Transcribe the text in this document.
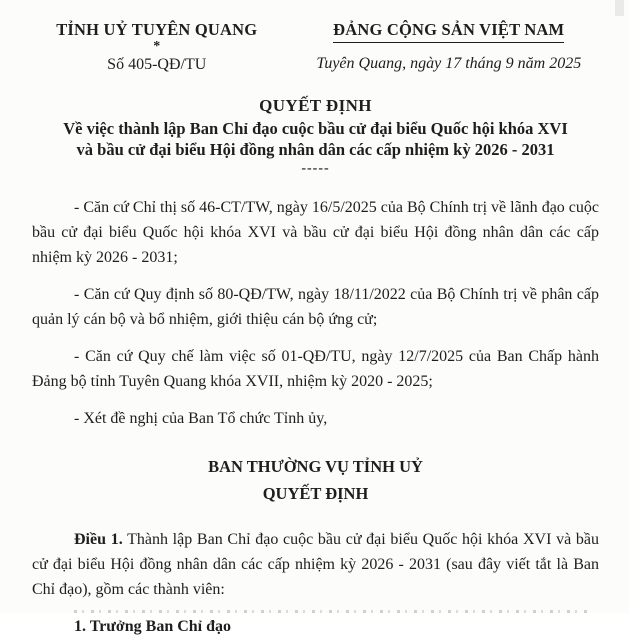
TỈNH UỶ TUYÊN QUANG
*
Số 405-QĐ/TU
ĐẢNG CỘNG SẢN VIỆT NAM
Tuyên Quang, ngày 17 tháng 9 năm 2025
QUYẾT ĐỊNH
Về việc thành lập Ban Chỉ đạo cuộc bầu cử đại biểu Quốc hội khóa XVI
và bầu cử đại biểu Hội đồng nhân dân các cấp nhiệm kỳ 2026 - 2031
-----

- Căn cứ Chỉ thị số 46-CT/TW, ngày 16/5/2025 của Bộ Chính trị về lãnh đạo cuộc bầu cử đại biểu Quốc hội khóa XVI và bầu cử đại biểu Hội đồng nhân dân các cấp nhiệm kỳ 2026 - 2031;

- Căn cứ Quy định số 80-QĐ/TW, ngày 18/11/2022 của Bộ Chính trị về phân cấp quản lý cán bộ và bổ nhiệm, giới thiệu cán bộ ứng cử;

- Căn cứ Quy chế làm việc số 01-QĐ/TU, ngày 12/7/2025 của Ban Chấp hành Đảng bộ tỉnh Tuyên Quang khóa XVII, nhiệm kỳ 2020 - 2025;

- Xét đề nghị của Ban Tổ chức Tỉnh ủy,

BAN THƯỜNG VỤ TỈNH UỶ
QUYẾT ĐỊNH

Điều 1. Thành lập Ban Chỉ đạo cuộc bầu cử đại biểu Quốc hội khóa XVI và bầu cử đại biểu Hội đồng nhân dân các cấp nhiệm kỳ 2026 - 2031 (sau đây viết tắt là Ban Chỉ đạo), gồm các thành viên:

1. Trưởng Ban Chỉ đạo
